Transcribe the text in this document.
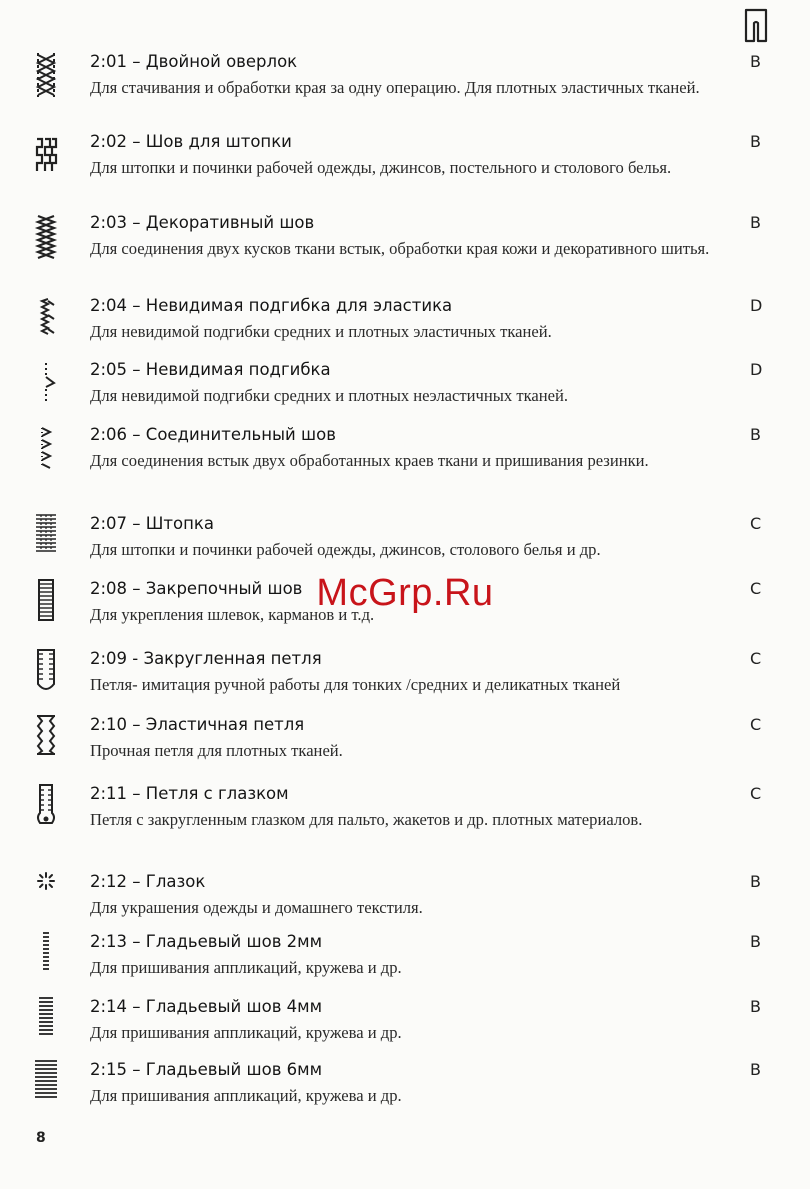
McGrp.Ru
2:01 – Двойной оверлок
Для стачивания и обработки края за одну операцию. Для плотных эластичных тканей.
B
2:02 – Шов для штопки
Для штопки и починки рабочей одежды, джинсов, постельного и столового белья.
B
2:03 – Декоративный шов
Для соединения двух кусков ткани встык, обработки края кожи и декоративного шитья.
B
2:04 – Невидимая подгибка для эластика
Для невидимой подгибки средних и плотных эластичных тканей.
D
2:05 – Невидимая подгибка
Для невидимой подгибки средних и плотных неэластичных тканей.
D
2:06 – Соединительный шов
Для соединения встык двух обработанных краев ткани и пришивания резинки.
B
2:07 – Штопка
Для штопки и починки рабочей одежды, джинсов, столового белья и др.
C
2:08 – Закрепочный шов
Для укрепления шлевок, карманов и т.д.
C
2:09 - Закругленная петля
Петля- имитация ручной работы для тонких /средних и деликатных тканей
C
2:10 – Эластичная петля
Прочная петля для плотных тканей.
C
2:11 – Петля с глазком
Петля с закругленным глазком для пальто, жакетов и др. плотных материалов.
C
2:12 – Глазок
Для украшения одежды и домашнего текстиля.
B
2:13 – Гладьевый шов 2мм
Для пришивания аппликаций, кружева и др.
B
2:14 – Гладьевый шов 4мм
Для пришивания аппликаций, кружева и др.
B
2:15 – Гладьевый шов 6мм
Для пришивания аппликаций, кружева и др.
B
8
